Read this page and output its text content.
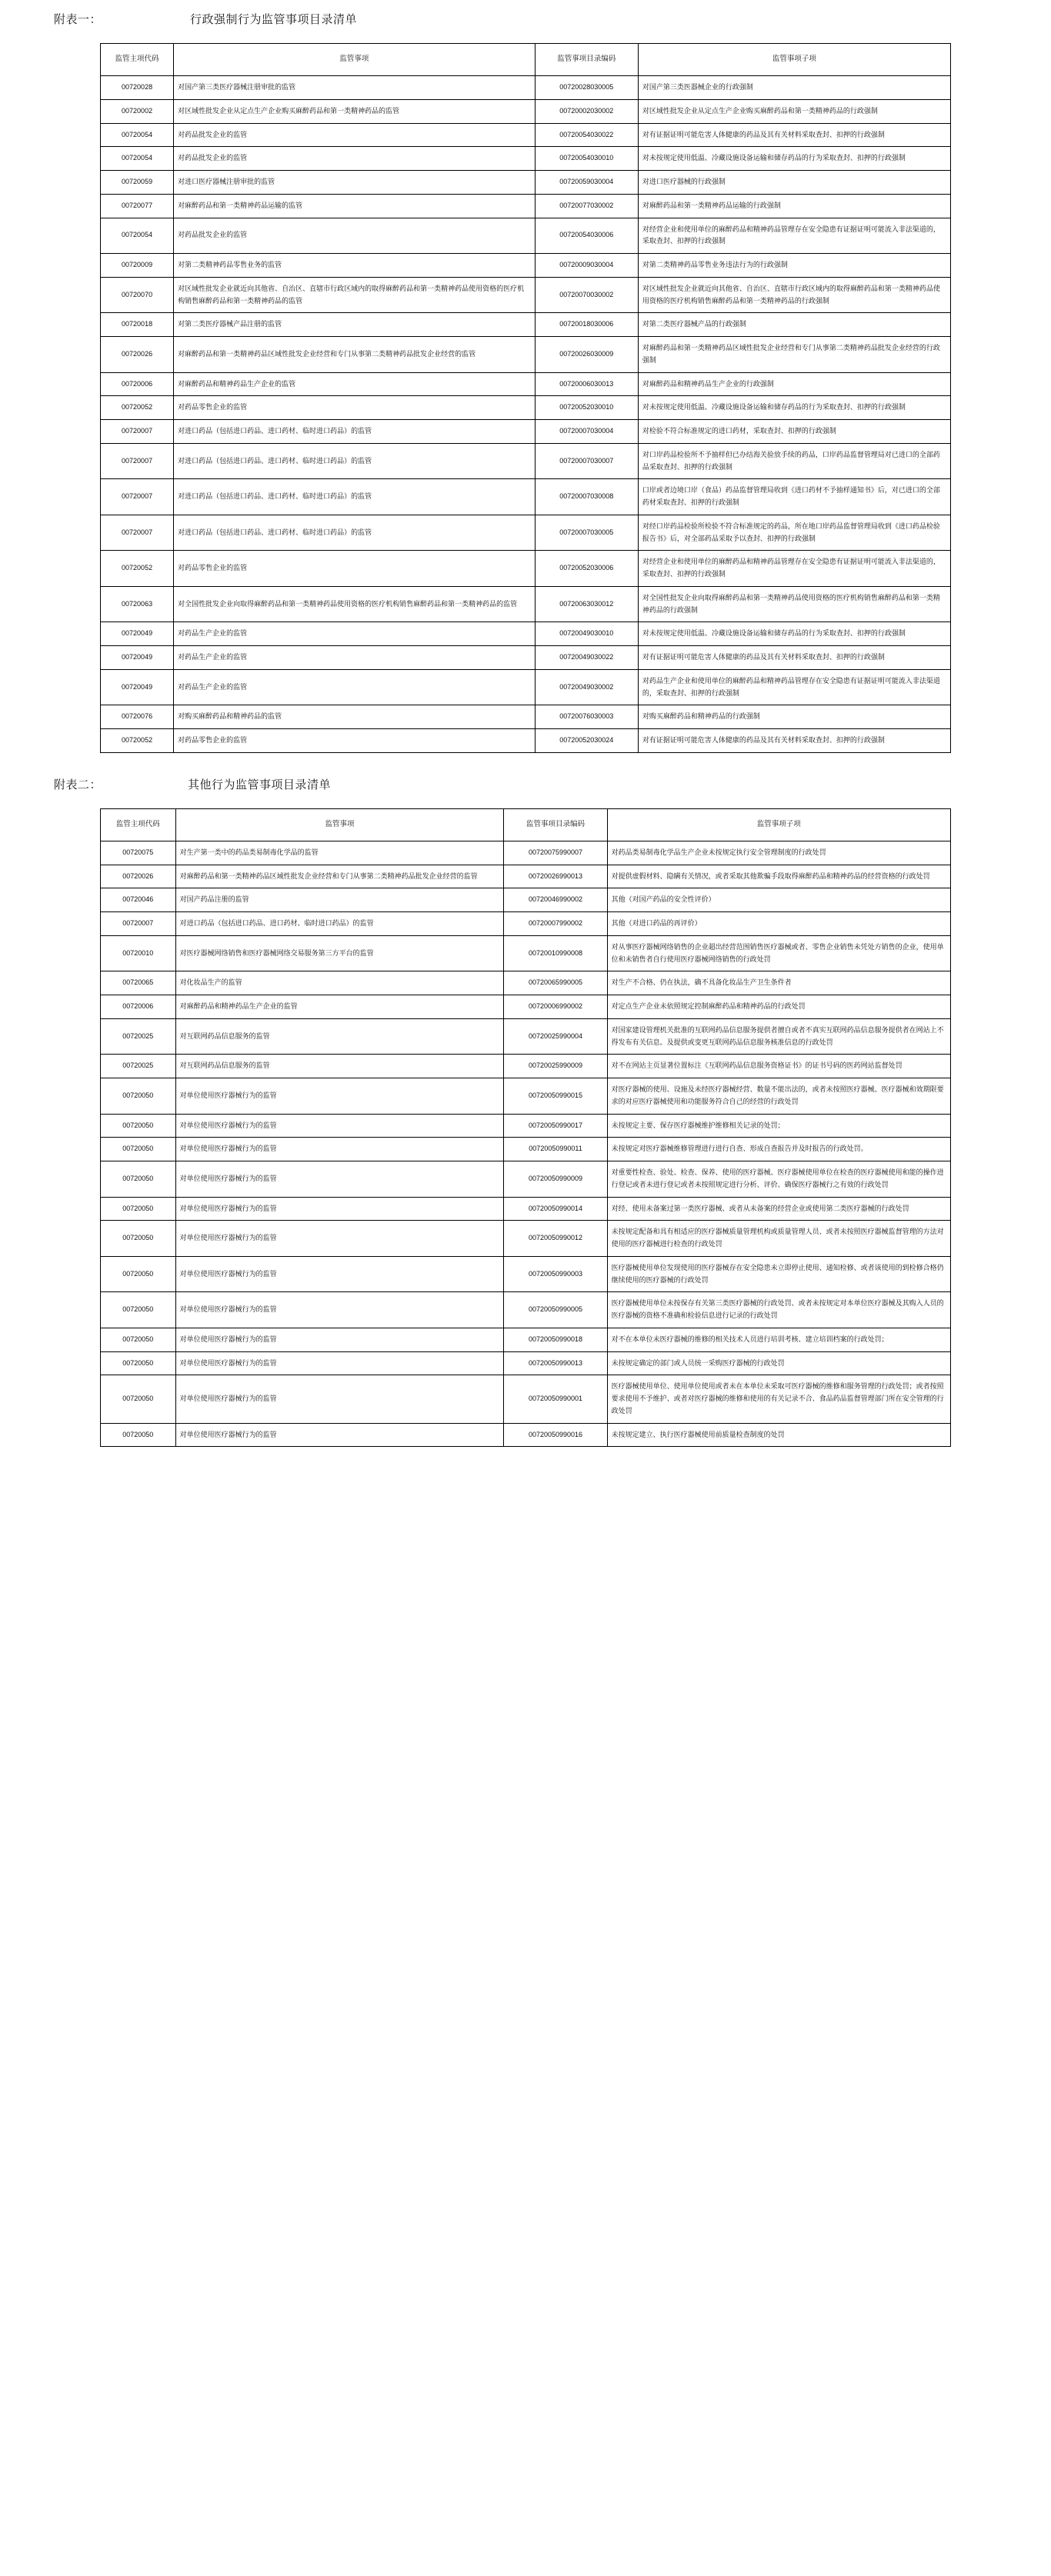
附表一：	行政强制行为监管事项目录清单
监管主项代码	监管事项	监管事项目录编码	监管事项子项
00720028	对国产第三类医疗器械注册审批的监管	00720028030005	对国产第三类医器械企业的行政强制
00720002	对区域性批发企业从定点生产企业购买麻醉药品和第一类精神药品的监管	00720002030002	对区域性批发企业从定点生产企业购买麻醉药品和第一类精神药品的行政强制
00720054	对药品批发企业的监管	00720054030022	对有证据证明可能危害人体健康的药品及其有关材料采取查封、扣押的行政强制
00720054	对药品批发企业的监管	00720054030010	对未按规定使用低温、冷藏设施设备运输和储存药品的行为采取查封、扣押的行政强制
00720059	对进口医疗器械注册审批的监管	00720059030004	对进口医疗器械的行政强制
00720077	对麻醉药品和第一类精神药品运输的监管	00720077030002	对麻醉药品和第一类精神药品运输的行政强制
00720054	对药品批发企业的监管	00720054030006	对经营企业和使用单位的麻醉药品和精神药品管理存在安全隐患有证据证明可能流入非法渠道的，采取查封、扣押的行政强制
00720009	对第二类精神药品零售业务的监管	00720009030004	对第二类精神药品零售业务违法行为的行政强制
00720070	对区域性批发企业就近向其他省、自治区、直辖市行政区域内的取得麻醉药品和第一类精神药品使用资格的医疗机构销售麻醉药品和第一类精神药品的监管	00720070030002	对区域性批发企业就近向其他省、自治区、直辖市行政区域内的取得麻醉药品和第一类精神药品使用资格的医疗机构销售麻醉药品和第一类精神药品的行政强制
00720018	对第二类医疗器械产品注册的监管	00720018030006	对第二类医疗器械产品的行政强制
00720026	对麻醉药品和第一类精神药品区域性批发企业经营和专门从事第二类精神药品批发企业经营的监管	00720026030009	对麻醉药品和第一类精神药品区域性批发企业经营和专门从事第二类精神药品批发企业经营的行政强制
00720006	对麻醉药品和精神药品生产企业的监管	00720006030013	对麻醉药品和精神药品生产企业的行政强制
00720052	对药品零售企业的监管	00720052030010	对未按规定使用低温、冷藏设施设备运输和储存药品的行为采取查封、扣押的行政强制
00720007	对进口药品（包括进口药品、进口药材、临时进口药品）的监管	00720007030004	对检验不符合标准规定的进口药材，采取查封、扣押的行政强制
00720007	对进口药品（包括进口药品、进口药材、临时进口药品）的监管	00720007030007	对口岸药品检验所不予抽样但已办结海关验放手续的药品，口岸药品监督管理局对已进口的全部药品采取查封、扣押的行政强制
00720007	对进口药品（包括进口药品、进口药材、临时进口药品）的监管	00720007030008	口岸或者边境口岸（食品）药品监督管理局收到《进口药材不予抽样通知书》后，对已进口的全部药材采取查封、扣押的行政强制
00720007	对进口药品（包括进口药品、进口药材、临时进口药品）的监管	00720007030005	对经口岸药品检验所检验不符合标准规定的药品，所在地口岸药品监督管理局收到《进口药品检验报告书》后，对全部药品采取予以查封、扣押的行政强制
00720052	对药品零售企业的监管	00720052030006	对经营企业和使用单位的麻醉药品和精神药品管理存在安全隐患有证据证明可能流入非法渠道的，采取查封、扣押的行政强制
00720063	对全国性批发企业向取得麻醉药品和第一类精神药品使用资格的医疗机构销售麻醉药品和第一类精神药品的监管	00720063030012	对全国性批发企业向取得麻醉药品和第一类精神药品使用资格的医疗机构销售麻醉药品和第一类精神药品的行政强制
00720049	对药品生产企业的监管	00720049030010	对未按规定使用低温、冷藏设施设备运输和储存药品的行为采取查封、扣押的行政强制
00720049	对药品生产企业的监管	00720049030022	对有证据证明可能危害人体健康的药品及其有关材料采取查封、扣押的行政强制
00720049	对药品生产企业的监管	00720049030002	对药品生产企业和使用单位的麻醉药品和精神药品管理存在安全隐患有证据证明可能流入非法渠道的，采取查封、扣押的行政强制
00720076	对购买麻醉药品和精神药品的监管	00720076030003	对购买麻醉药品和精神药品的行政强制
00720052	对药品零售企业的监管	00720052030024	对有证据证明可能危害人体健康的药品及其有关材料采取查封、扣押的行政强制
附表二：	其他行为监管事项目录清单
监管主项代码	监管事项	监管事项目录编码	监管事项子项
00720075	对生产第一类中的药品类易制毒化学品的监管	00720075990007	对药品类易制毒化学品生产企业未按规定执行安全管理制度的行政处罚
00720026	对麻醉药品和第一类精神药品区域性批发企业经营和专门从事第二类精神药品批发企业经营的监管	00720026990013	对提供虚假材料、隐瞒有关情况，或者采取其他欺骗手段取得麻醉药品和精神药品的经营资格的行政处罚
00720046	对国产药品注册的监管	00720046990002	其他（对国产药品的安全性评价）
00720007	对进口药品（包括进口药品、进口药材、临时进口药品）的监管	00720007990002	其他（对进口药品的再评价）
00720010	对医疗器械网络销售和医疗器械网络交易服务第三方平台的监管	00720010990008	对从事医疗器械网络销售的企业超出经营范围销售医疗器械或者、零售企业销售未凭处方销售的企业，使用单位和未销售者自行使用医疗器械网络销售的行政处罚
00720065	对化妆品生产的监管	00720065990005	对生产不合格、仍在执法，确不具备化妆品生产卫生条件者
00720006	对麻醉药品和精神药品生产企业的监管	00720006990002	对定点生产企业未依照规定控制麻醉药品和精神药品的行政处罚
00720025	对互联网药品信息服务的监管	00720025990004	对国家建设管理机关批准的互联网药品信息服务提供者擅自或者不真实互联网药品信息服务提供者在网站上不得发布有关信息。及提供或变更互联网药品信息服务核准信息的行政处罚
00720025	对互联网药品信息服务的监管	00720025990009	对不在网站主页显著位置标注《互联网药品信息服务资格证书》的证书号码的医药网站监督处罚
00720050	对单位使用医疗器械行为的监管	00720050990015	对医疗器械的使用、设施及未经医疗器械经营、数量不能出法的，或者未按照医疗器械、医疗器械和效期限要求的对应医疗器械使用和功能服务符合自己的经营的行政处罚
00720050	对单位使用医疗器械行为的监管	00720050990017	未按规定主要、保存医疗器械维护维修相关记录的处罚；
00720050	对单位使用医疗器械行为的监管	00720050990011	未按规定对医疗器械维修管理进行进行自查、形成自查报告并及时报告的行政处罚。
00720050	对单位使用医疗器械行为的监管	00720050990009	对重要性检查、验处、检查、保养、使用的医疗器械、医疗器械使用单位在检查的医疗器械使用和能的操作进行登记或者未进行登记或者未按照规定进行分析、评价、确保医疗器械行之有效的行政处罚
00720050	对单位使用医疗器械行为的监管	00720050990014	对经、使用未备案过第一类医疗器械、或者从未备案的经营企业或使用第二类医疗器械的行政处罚
00720050	对单位使用医疗器械行为的监管	00720050990012	未按规定配备和具有相适应的医疗器械质量管理机构或质量管理人员、或者未按照医疗器械监督管理的方法对使用的医疗器械进行检查的行政处罚
00720050	对单位使用医疗器械行为的监管	00720050990003	医疗器械使用单位发现使用的医疗器械存在安全隐患未立即停止使用、通知检修、或者该使用的到检修合格仍继续使用的医疗器械的行政处罚
00720050	对单位使用医疗器械行为的监管	00720050990005	医疗器械使用单位未按保存有关第三类医疗器械的行政处罚、或者未按规定对本单位医疗器械及其购入人员的医疗器械的资格不准确和检验信息进行记录的行政处罚
00720050	对单位使用医疗器械行为的监管	00720050990018	对不在本单位未医疗器械的维修的相关技术人员进行培训考核、建立培训档案的行政处罚；
00720050	对单位使用医疗器械行为的监管	00720050990013	未按规定确定的部门或人员统一采购医疗器械的行政处罚
00720050	对单位使用医疗器械行为的监管	00720050990001	医疗器械使用单位、使用单位使用或者未在本单位未采取可医疗器械的维修和服务管理的行政处罚；或者按照要求使用不予维护、或者对医疗器械的维修和使用的有关记录不合、食品药品监督管理部门所在安全管理的行政处罚
00720050	对单位使用医疗器械行为的监管	00720050990016	未按规定建立、执行医疗器械使用前质量检查制度的处罚
